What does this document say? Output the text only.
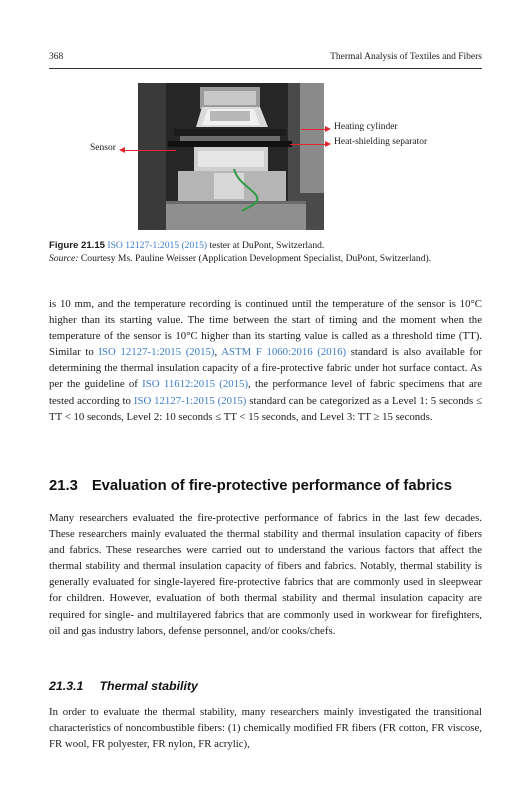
368	Thermal Analysis of Textiles and Fibers
Heating cylinder
Heat-shielding separator
Sensor
Figure 21.15 ISO 12127-1:2015 (2015) tester at DuPont, Switzerland.
Source: Courtesy Ms. Pauline Weisser (Application Development Specialist, DuPont, Switzerland).
is 10 mm, and the temperature recording is continued until the temperature of the sensor is 10°C higher than its starting value. The time between the start of timing and the moment when the temperature of the sensor is 10°C higher than its starting value is called as a threshold time (TT). Similar to ISO 12127-1:2015 (2015), ASTM F 1060:2016 (2016) standard is also available for determining the thermal insulation capacity of a fire-protective fabric under hot surface contact. As per the guideline of ISO 11612:2015 (2015), the performance level of fabric specimens that are tested according to ISO 12127-1:2015 (2015) standard can be categorized as a Level 1: 5 seconds ≤ TT < 10 seconds, Level 2: 10 seconds ≤ TT < 15 seconds, and Level 3: TT ≥ 15 seconds.
21.3 Evaluation of fire-protective performance of fabrics
Many researchers evaluated the fire-protective performance of fabrics in the last few decades. These researchers mainly evaluated the thermal stability and thermal insulation capacity of fibers and fabrics. These researches were carried out to understand the various factors that affect the thermal stability and thermal insulation capacity of fibers and fabrics. Notably, thermal stability is generally evaluated for single-layered fire-protective fabrics that are commonly used in sleepwear for children. However, evaluation of both thermal stability and thermal insulation capacity are required for single- and multilayered fabrics that are commonly used in workwear for firefighters, oil and gas industry labors, defense personnel, and/or cooks/chefs.
21.3.1 Thermal stability
In order to evaluate the thermal stability, many researchers mainly investigated the transitional characteristics of noncombustible fibers: (1) chemically modified FR fibers (FR cotton, FR viscose, FR wool, FR polyester, FR nylon, FR acrylic),
